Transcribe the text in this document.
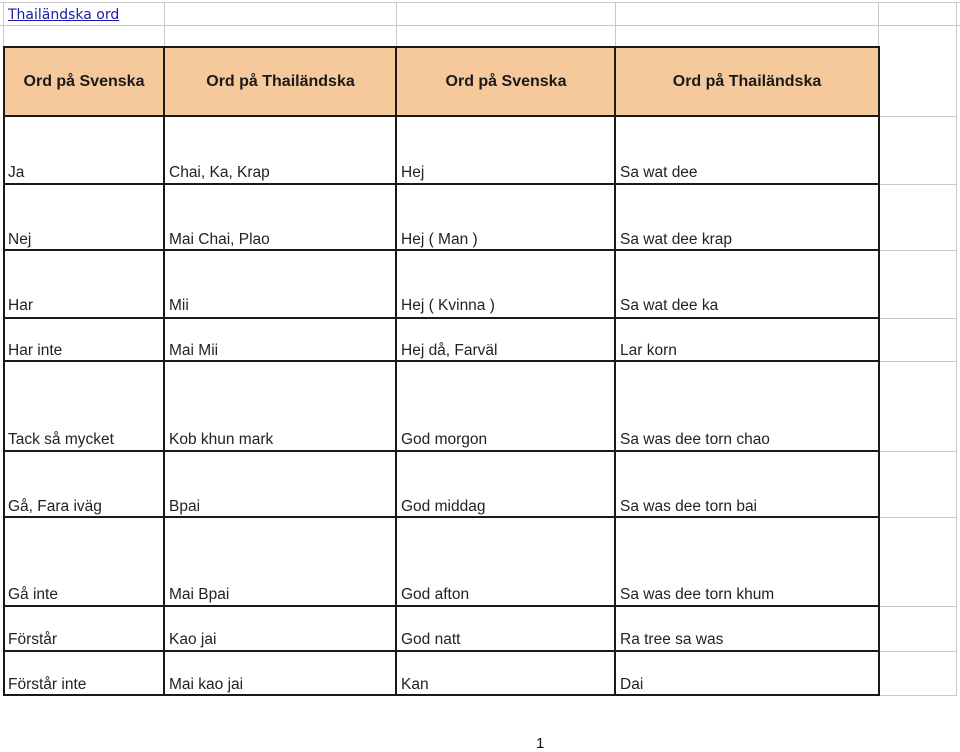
Thailändska ord
Ord på Svenska	Ord på Thailändska	Ord på Svenska	Ord på Thailändska
Ja	Chai, Ka, Krap	Hej	Sa wat dee
Nej	Mai Chai, Plao	Hej ( Man )	Sa wat dee krap
Har	Mii	Hej ( Kvinna )	Sa wat dee ka
Har inte	Mai Mii	Hej då, Farväl	Lar korn
Tack så mycket	Kob khun mark	God morgon	Sa was dee torn chao
Gå, Fara iväg	Bpai	God middag	Sa was dee torn bai
Gå inte	Mai Bpai	God afton	Sa was dee torn khum
Förstår	Kao jai	God natt	Ra tree sa was
Förstår inte	Mai kao jai	Kan	Dai
1
